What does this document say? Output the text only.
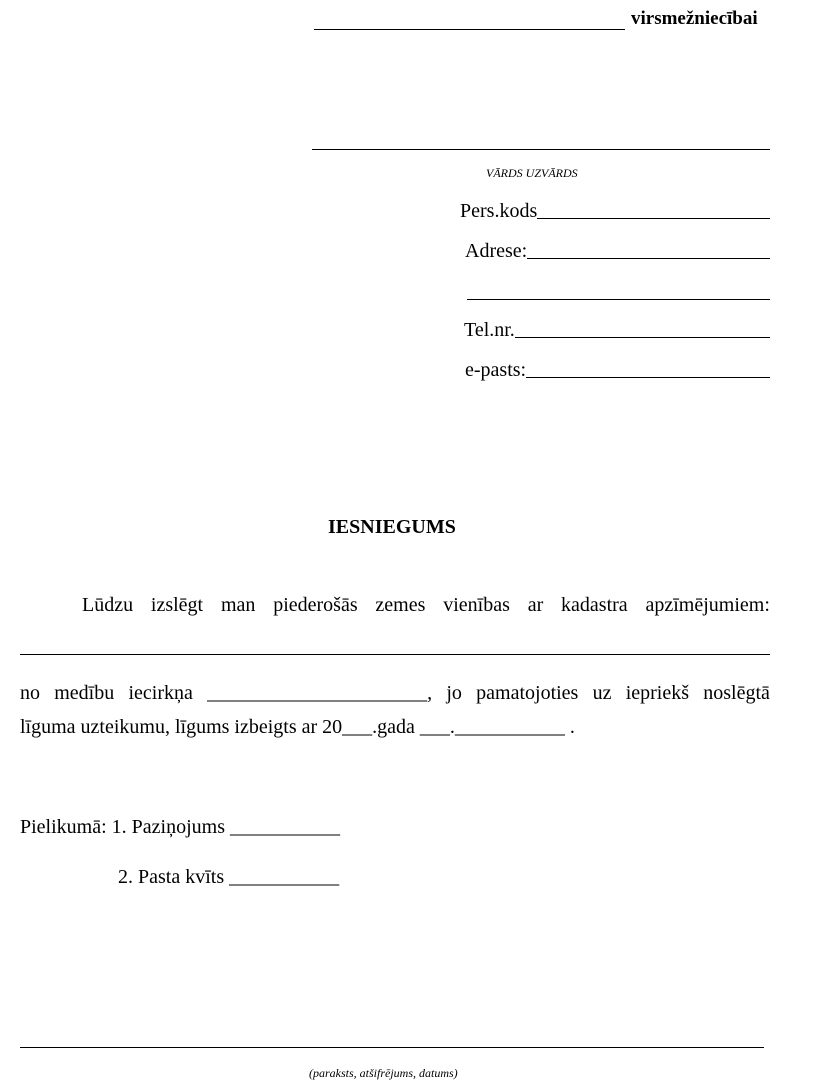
virsmežniecībai
VĀRDS UZVĀRDS
Pers.kods
Adrese:
Tel.nr.
e-pasts:
IESNIEGUMS
Lūdzu izslēgt man piederošās zemes vienības ar kadastra apzīmējumiem:
no medību iecirkņa ______________________, jo pamatojoties uz iepriekš noslēgtā
līguma uzteikumu, līgums izbeigts ar 20___.gada ___.___________ .
Pielikumā: 1. Paziņojums ___________
2. Pasta kvīts ___________
(paraksts, atšifrējums, datums)
